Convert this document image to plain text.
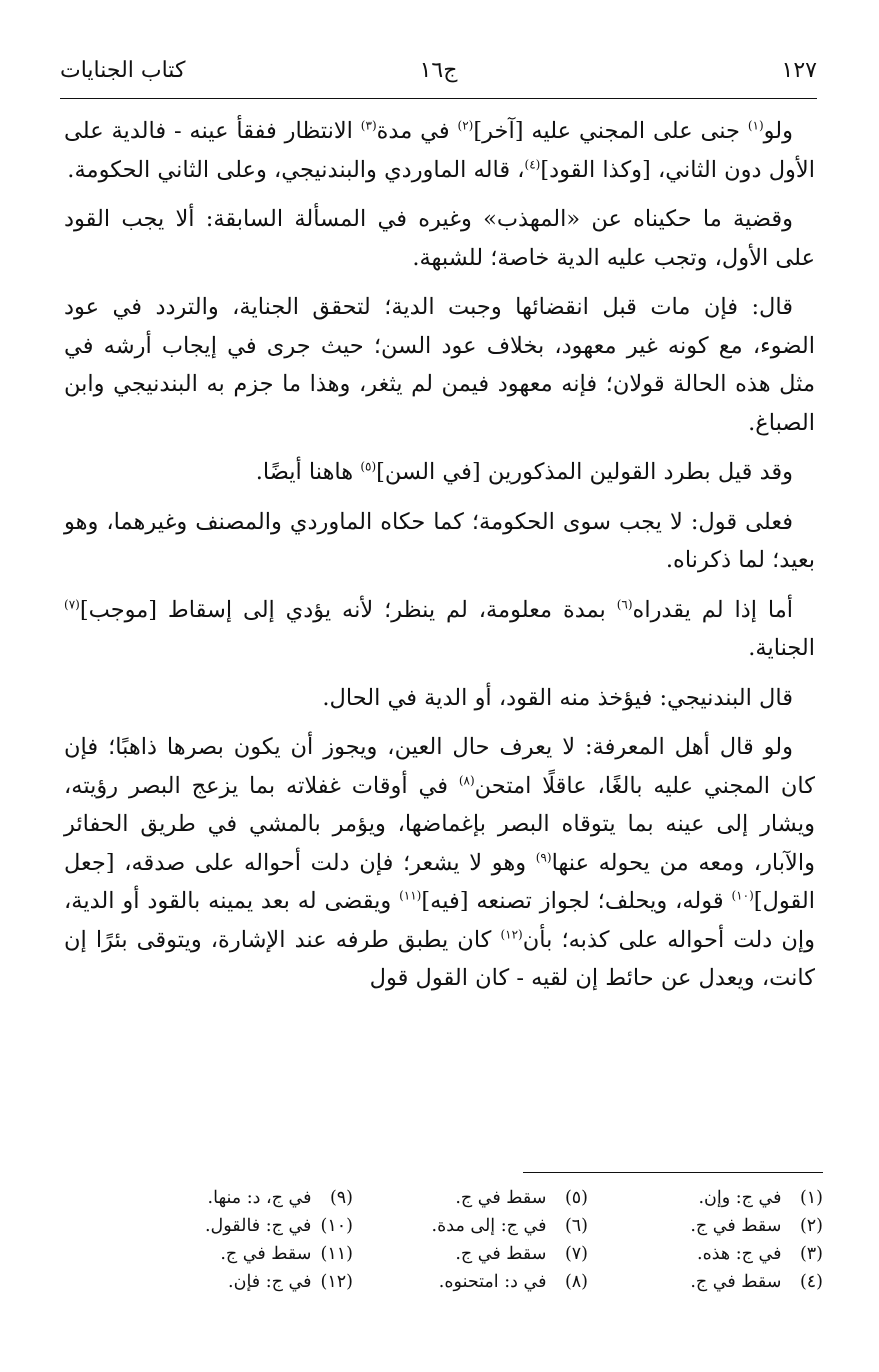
١٢٧
ج١٦
كتاب الجنايات

ولو$^{(١)}$ جنى على المجني عليه [آخر]$^{(٢)}$ في مدة$^{(٣)}$ الانتظار ففقأ عينه - فالدية على الأول دون الثاني، [وكذا القود]$^{(٤)}$، قاله الماوردي والبندنيجي، وعلى الثاني الحكومة.

وقضية ما حكيناه عن «المهذب» وغيره في المسألة السابقة: ألا يجب القود على الأول، وتجب عليه الدية خاصة؛ للشبهة.

قال: فإن مات قبل انقضائها وجبت الدية؛ لتحقق الجناية، والتردد في عود الضوء، مع كونه غير معهود، بخلاف عود السن؛ حيث جرى في إيجاب أرشه في مثل هذه الحالة قولان؛ فإنه معهود فيمن لم يثغر، وهذا ما جزم به البندنيجي وابن الصباغ.

وقد قيل بطرد القولين المذكورين [في السن]$^{(٥)}$ هاهنا أيضًا.

فعلى قول: لا يجب سوى الحكومة؛ كما حكاه الماوردي والمصنف وغيرهما، وهو بعيد؛ لما ذكرناه.

أما إذا لم يقدراه$^{(٦)}$ بمدة معلومة، لم ينظر؛ لأنه يؤدي إلى إسقاط [موجب]$^{(٧)}$ الجناية.

قال البندنيجي: فيؤخذ منه القود، أو الدية في الحال.

ولو قال أهل المعرفة: لا يعرف حال العين، ويجوز أن يكون بصرها ذاهبًا؛ فإن كان المجني عليه بالغًا، عاقلًا امتحن$^{(٨)}$ في أوقات غفلاته بما يزعج البصر رؤيته، ويشار إلى عينه بما يتوقاه البصر بإغماضها، ويؤمر بالمشي في طريق الحفائر والآبار، ومعه من يحوله عنها$^{(٩)}$ وهو لا يشعر؛ فإن دلت أحواله على صدقه، [جعل القول]$^{(١٠)}$ قوله، ويحلف؛ لجواز تصنعه [فيه]$^{(١١)}$ ويقضى له بعد يمينه بالقود أو الدية، وإن دلت أحواله على كذبه؛ بأن$^{(١٢)}$ كان يطبق طرفه عند الإشارة، ويتوقى بئرًا إن كانت، ويعدل عن حائط إن لقيه - كان القول قول

(١) في ج: وإن.
(٢) سقط في ج.
(٣) في ج: هذه.
(٤) سقط في ج.
(٥) سقط في ج.
(٦) في ج: إلى مدة.
(٧) سقط في ج.
(٨) في د: امتحنوه.
(٩) في ج، د: منها.
(١٠) في ج: فالقول.
(١١) سقط في ج.
(١٢) في ج: فإن.
